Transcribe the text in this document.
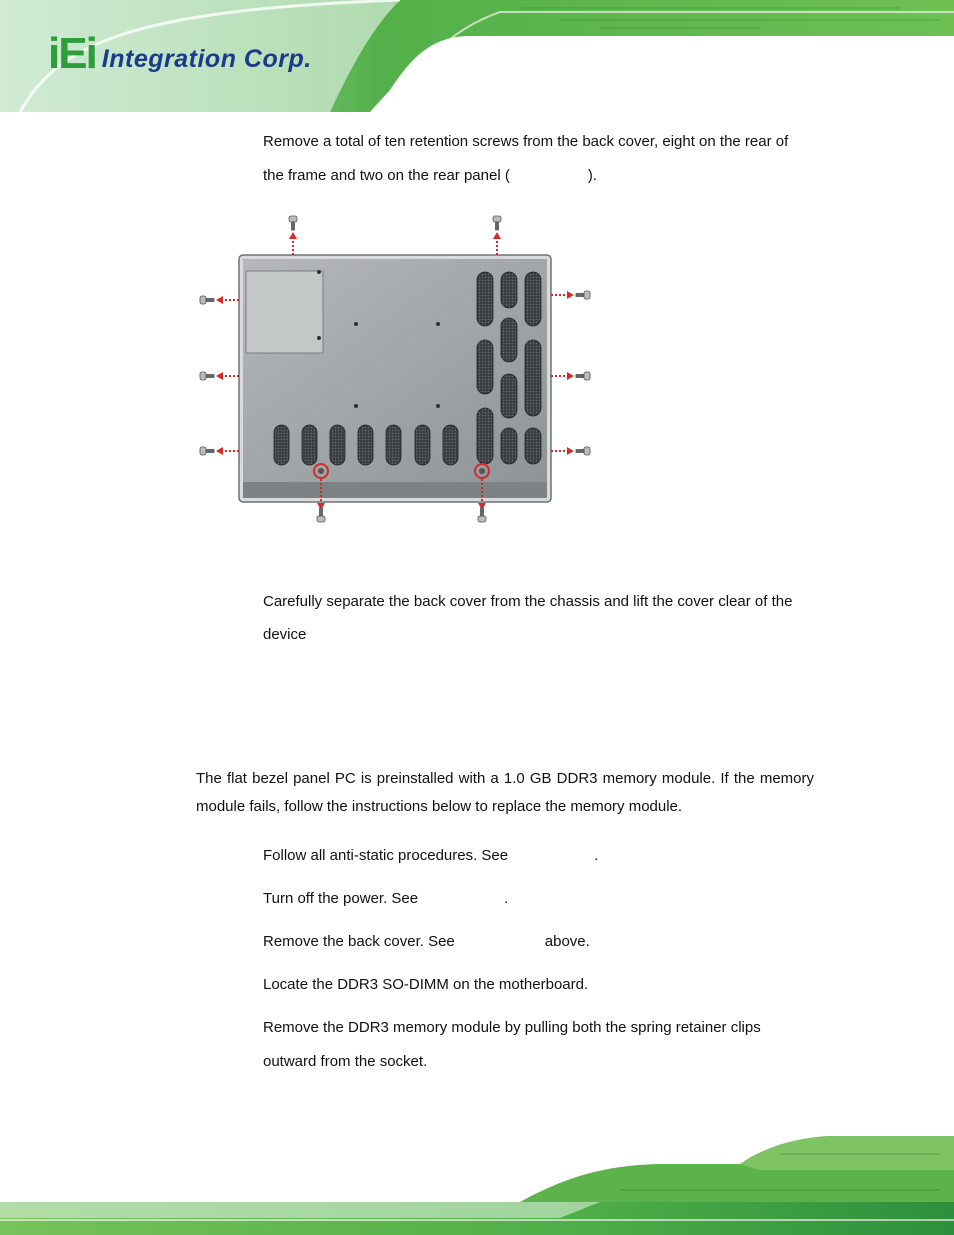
iEi Integration Corp.
Remove a total of ten retention screws from the back cover, eight on the rear of
the frame and two on the rear panel (	).
Carefully separate the back cover from the chassis and lift the cover clear of the
device
The flat bezel panel PC is preinstalled with a 1.0 GB DDR3 memory module. If the memory module fails, follow the instructions below to replace the memory module.
Follow all anti-static procedures. See	.
Turn off the power. See	.
Remove the back cover. See	above.
Locate the DDR3 SO-DIMM on the motherboard.
Remove the DDR3 memory module by pulling both the spring retainer clips
outward from the socket.
